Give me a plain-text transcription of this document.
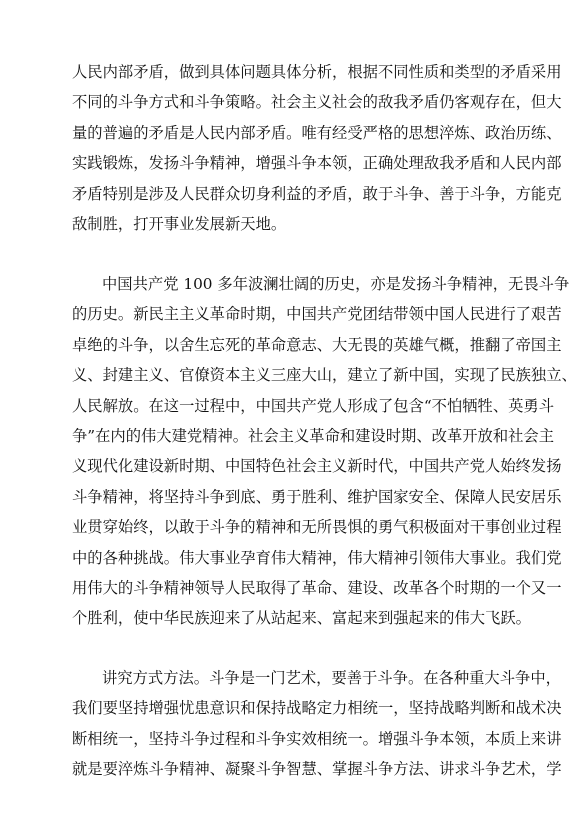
人民内部矛盾，做到具体问题具体分析，根据不同性质和类型的矛盾采用
不同的斗争方式和斗争策略。社会主义社会的敌我矛盾仍客观存在，但大
量的普遍的矛盾是人民内部矛盾。唯有经受严格的思想淬炼、政治历练、
实践锻炼，发扬斗争精神，增强斗争本领，正确处理敌我矛盾和人民内部
矛盾特别是涉及人民群众切身利益的矛盾，敢于斗争、善于斗争，方能克
敌制胜，打开事业发展新天地。
中国共产党 100 多年波澜壮阔的历史，亦是发扬斗争精神，无畏斗争
的历史。新民主主义革命时期，中国共产党团结带领中国人民进行了艰苦
卓绝的斗争，以舍生忘死的革命意志、大无畏的英雄气概，推翻了帝国主
义、封建主义、官僚资本主义三座大山，建立了新中国，实现了民族独立、
人民解放。在这一过程中，中国共产党人形成了包含“不怕牺牲、英勇斗
争”在内的伟大建党精神。社会主义革命和建设时期、改革开放和社会主
义现代化建设新时期、中国特色社会主义新时代，中国共产党人始终发扬
斗争精神，将坚持斗争到底、勇于胜利、维护国家安全、保障人民安居乐
业贯穿始终，以敢于斗争的精神和无所畏惧的勇气积极面对干事创业过程
中的各种挑战。伟大事业孕育伟大精神，伟大精神引领伟大事业。我们党
用伟大的斗争精神领导人民取得了革命、建设、改革各个时期的一个又一
个胜利，使中华民族迎来了从站起来、富起来到强起来的伟大飞跃。
讲究方式方法。斗争是一门艺术，要善于斗争。在各种重大斗争中，
我们要坚持增强忧患意识和保持战略定力相统一，坚持战略判断和战术决
断相统一，坚持斗争过程和斗争实效相统一。增强斗争本领，本质上来讲
就是要淬炼斗争精神、凝聚斗争智慧、掌握斗争方法、讲求斗争艺术，学
